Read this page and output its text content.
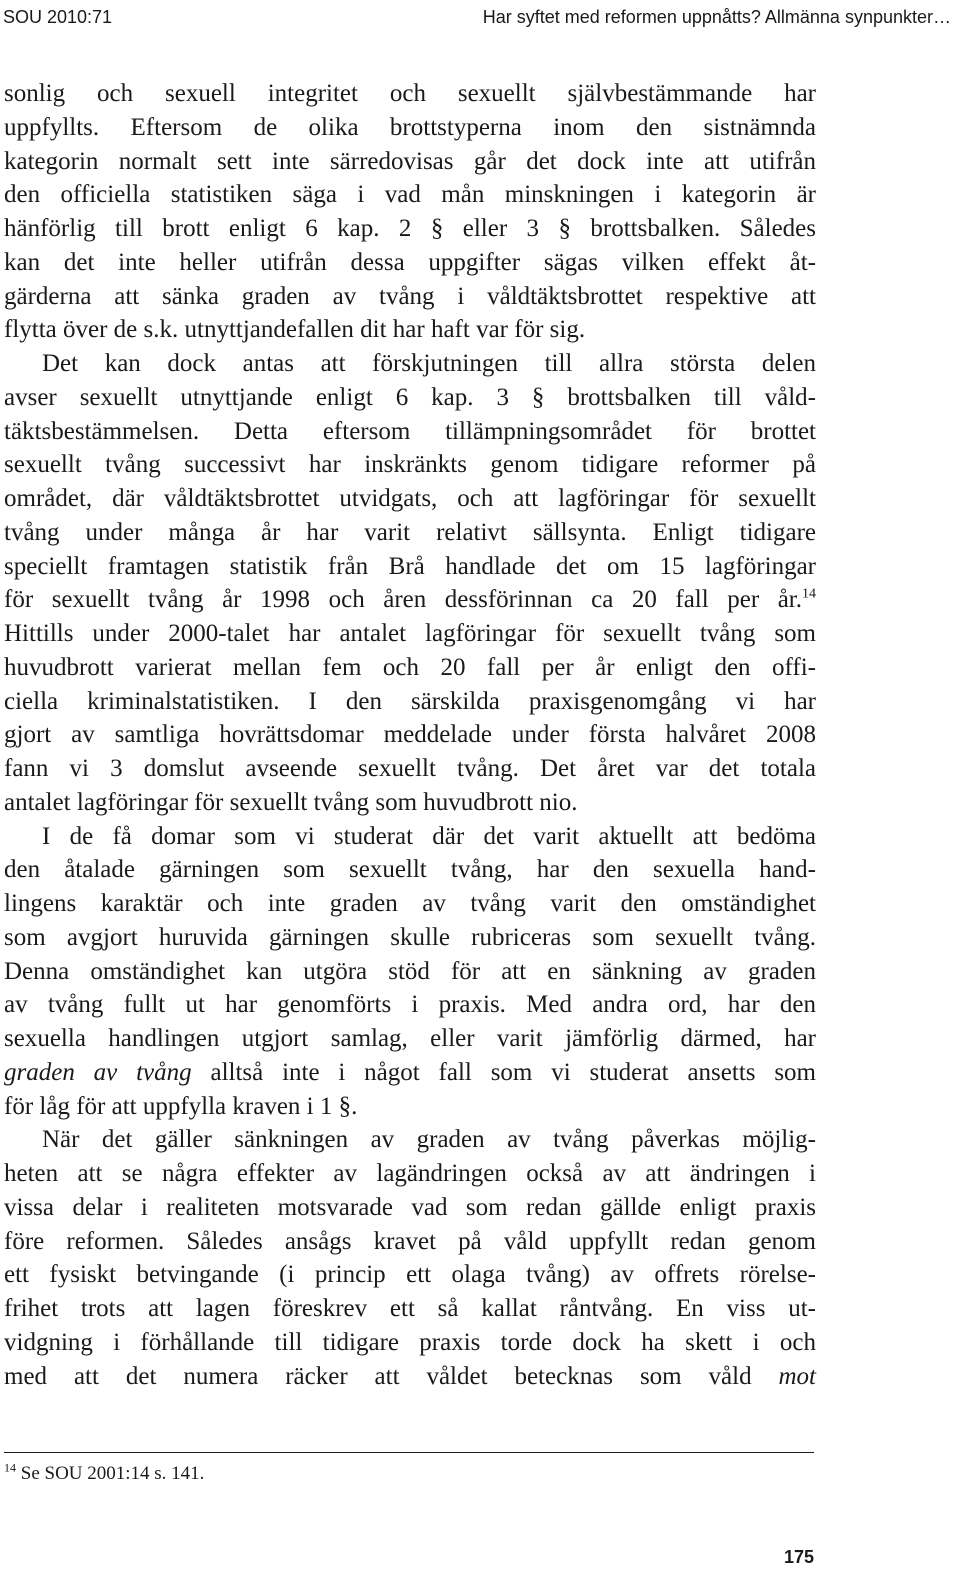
SOU 2010:71	Har syftet med reformen uppnåtts? Allmänna synpunkter…
sonlig och sexuell integritet och sexuellt självbestämmande har
uppfyllts. Eftersom de olika brottstyperna inom den sistnämnda
kategorin normalt sett inte särredovisas går det dock inte att utifrån
den officiella statistiken säga i vad mån minskningen i kategorin är
hänförlig till brott enligt 6 kap. 2 § eller 3 § brottsbalken. Således
kan det inte heller utifrån dessa uppgifter sägas vilken effekt åt-
gärderna att sänka graden av tvång i våldtäktsbrottet respektive att
flytta över de s.k. utnyttjandefallen dit har haft var för sig.
Det kan dock antas att förskjutningen till allra största delen
avser sexuellt utnyttjande enligt 6 kap. 3 § brottsbalken till våld-
täktsbestämmelsen. Detta eftersom tillämpningsområdet för brottet
sexuellt tvång successivt har inskränkts genom tidigare reformer på
området, där våldtäktsbrottet utvidgats, och att lagföringar för sexuellt
tvång under många år har varit relativt sällsynta. Enligt tidigare
speciellt framtagen statistik från Brå handlade det om 15 lagföringar
för sexuellt tvång år 1998 och åren dessförinnan ca 20 fall per år.$^{14}$
Hittills under 2000-talet har antalet lagföringar för sexuellt tvång som
huvudbrott varierat mellan fem och 20 fall per år enligt den offi-
ciella kriminalstatistiken. I den särskilda praxisgenomgång vi har
gjort av samtliga hovrättsdomar meddelade under första halvåret 2008
fann vi 3 domslut avseende sexuellt tvång. Det året var det totala
antalet lagföringar för sexuellt tvång som huvudbrott nio.
I de få domar som vi studerat där det varit aktuellt att bedöma
den åtalade gärningen som sexuellt tvång, har den sexuella hand-
lingens karaktär och inte graden av tvång varit den omständighet
som avgjort huruvida gärningen skulle rubriceras som sexuellt tvång.
Denna omständighet kan utgöra stöd för att en sänkning av graden
av tvång fullt ut har genomförts i praxis. Med andra ord, har den
sexuella handlingen utgjort samlag, eller varit jämförlig därmed, har
graden av tvång alltså inte i något fall som vi studerat ansetts som
för låg för att uppfylla kraven i 1 §.
När det gäller sänkningen av graden av tvång påverkas möjlig-
heten att se några effekter av lagändringen också av att ändringen i
vissa delar i realiteten motsvarade vad som redan gällde enligt praxis
före reformen. Således ansågs kravet på våld uppfyllt redan genom
ett fysiskt betvingande (i princip ett olaga tvång) av offrets rörelse-
frihet trots att lagen föreskrev ett så kallat råntvång. En viss ut-
vidgning i förhållande till tidigare praxis torde dock ha skett i och
med att det numera räcker att våldet betecknas som våld mot
$^{14}$ Se SOU 2001:14 s. 141.
175
